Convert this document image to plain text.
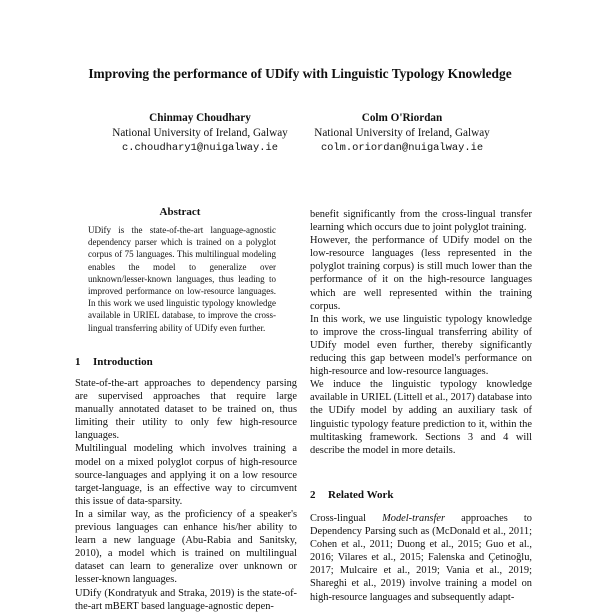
Improving the performance of UDify with Linguistic Typology Knowledge
Chinmay Choudhary
National University of Ireland, Galway
c.choudhary1@nuigalway.ie
Colm O'Riordan
National University of Ireland, Galway
colm.oriordan@nuigalway.ie
Abstract
UDify is the state-of-the-art language-agnostic dependency parser which is trained on a polyglot corpus of 75 languages. This multilingual modeling enables the model to generalize over unknown/lesser-known languages, thus leading to improved performance on low-resource languages. In this work we used linguistic typology knowledge available in URIEL database, to improve the cross-lingual transferring ability of UDify even further.
1 Introduction

State-of-the-art approaches to dependency parsing are supervised approaches that require large manually annotated dataset to be trained on, thus limiting their utility to only few high-resource languages.

Multilingual modeling which involves training a model on a mixed polyglot corpus of high-resource source-languages and applying it on a low resource target-language, is an effective way to circumvent this issue of data-sparsity.

In a similar way, as the proficiency of a speaker's previous languages can enhance his/her ability to learn a new language (Abu-Rabia and Sanitsky, 2010), a model which is trained on multilingual dataset can learn to generalize over unknown or lesser-known languages.

UDify (Kondratyuk and Straka, 2019) is the state-of-the-art mBERT based language-agnostic depen-

benefit significantly from the cross-lingual transfer learning which occurs due to joint polyglot training.

However, the performance of UDify model on the low-resource languages (less represented in the polyglot training corpus) is still much lower than the performance of it on the high-resource languages which are well represented within the training corpus.

In this work, we use linguistic typology knowledge to improve the cross-lingual transferring ability of UDify model even further, thereby significantly reducing this gap between model's performance on high-resource and low-resource languages.

We induce the linguistic typology knowledge available in URIEL (Littell et al., 2017) database into the UDify model by adding an auxiliary task of linguistic typology feature prediction to it, within the multitasking framework. Sections 3 and 4 will describe the model in more details.

2 Related Work

Cross-lingual Model-transfer approaches to Dependency Parsing such as (McDonald et al., 2011; Cohen et al., 2011; Duong et al., 2015; Guo et al., 2016; Vilares et al., 2015; Falenska and Çetinoğlu, 2017; Mulcaire et al., 2019; Vania et al., 2019; Shareghi et al., 2019) involve training a model on high-resource languages and subsequently adapt-
